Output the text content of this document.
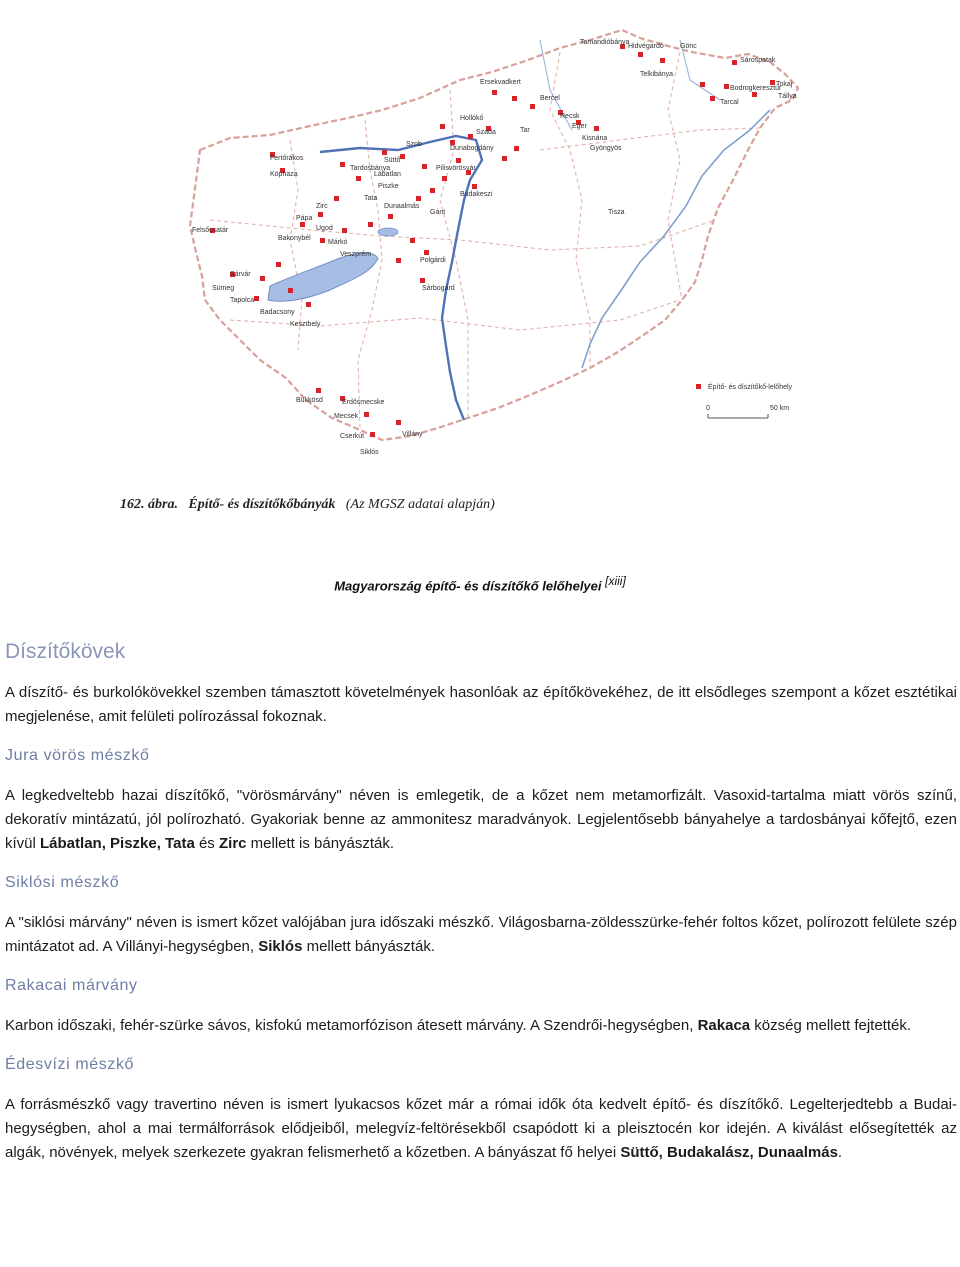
Tamandióbánya
Hidvégardó Gönc
Sárospatak
Bodrogkeresztúr
Tarcal
Tokaj
Tállya
Telkibánya
Ersekvadkert
Bercel
Recsk
Eger
Kisnána
Gyöngyös
Hollókő
Szada	Tar
Dunabogdány
Szob
Budakeszi
Pilisvörösvár
Süttő
Lábatlan
Piszke
Tardosbánya
Tata
Dunaalmás
Gánt
Polgárdi
Sárbogárd
Zirc
Pápa
Ugod
Márkó
Veszprém
Bakonybél
Fertőrákos
Köphaza
Felsőcsatár
Sárvár
Sümeg
Tapolca
Badacsony
Keszthely
Bükkösd	Erdősmecske
Mecsek
Cserkút
Siklós
Villány
Tisza
Építő- és díszítőkő-lelőhely
0	50 km
162. ábra. Építő- és díszítőkőbányák (Az MGSZ adatai alapján)
Magyarország építő- és díszítőkő lelőhelyei [xiii]
Díszítőkövek

A díszítő- és burkolókövekkel szemben támasztott követelmények hasonlóak az építőkövekéhez, de itt elsődleges szempont a kőzet esztétikai megjelenése, amit felületi polírozással fokoznak.

Jura vörös mészkő

A legkedveltebb hazai díszítőkő, "vörösmárvány" néven is emlegetik, de a kőzet nem metamorfizált. Vasoxid-tartalma miatt vörös színű, dekoratív mintázatú, jól polírozható. Gyakoriak benne az ammonitesz maradványok. Legjelentősebb bányahelye a tardosbányai kőfejtő, ezen kívül Lábatlan, Piszke, Tata és Zirc mellett is bányászták.

Siklósi mészkő

A "siklósi márvány" néven is ismert kőzet valójában jura időszaki mészkő. Világosbarna-zöldesszürke-fehér foltos kőzet, polírozott felülete szép mintázatot ad. A Villányi-hegységben, Siklós mellett bányászták.

Rakacai márvány

Karbon időszaki, fehér-szürke sávos, kisfokú metamorfózison átesett márvány. A Szendrői-hegységben, Rakaca község mellett fejtették.

Édesvízi mészkő

A forrásmészkő vagy travertino néven is ismert lyukacsos kőzet már a római idők óta kedvelt építő- és díszítőkő. Legelterjedtebb a Budai-hegységben, ahol a mai termálforrások elődjeiből, melegvíz-feltörésekből csapódott ki a pleisztocén kor idején. A kiválást elősegítették az algák, növények, melyek szerkezete gyakran felismerhető a kőzetben. A bányászat fő helyei Süttő, Budakalász, Dunaalmás.
